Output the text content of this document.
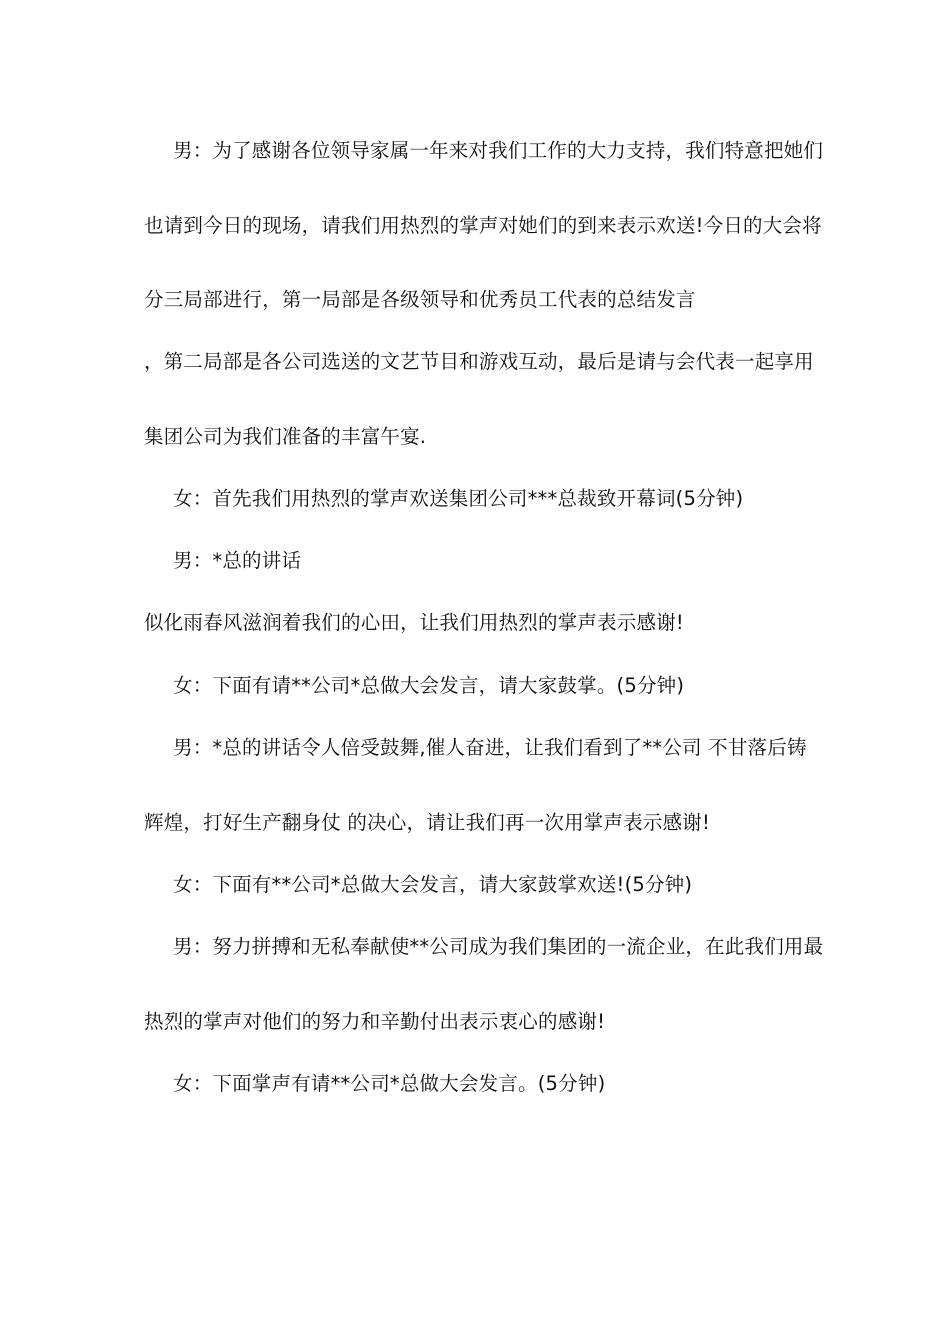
男：为了感谢各位领导家属一年来对我们工作的大力支持，我们特意把她们
也请到今日的现场，请我们用热烈的掌声对她们的到来表示欢送!今日的大会将
分三局部进行，第一局部是各级领导和优秀员工代表的总结发言
，第二局部是各公司选送的文艺节目和游戏互动，最后是请与会代表一起享用
集团公司为我们准备的丰富午宴.
女：首先我们用热烈的掌声欢送集团公司***总裁致开幕词(5分钟)
男：*总的讲话
似化雨春风滋润着我们的心田，让我们用热烈的掌声表示感谢!
女：下面有请**公司*总做大会发言，请大家鼓掌。(5分钟)
男：*总的讲话令人倍受鼓舞,催人奋进，让我们看到了**公司 不甘落后铸
辉煌，打好生产翻身仗 的决心，请让我们再一次用掌声表示感谢!
女：下面有**公司*总做大会发言，请大家鼓掌欢送!(5分钟)
男：努力拼搏和无私奉献使**公司成为我们集团的一流企业，在此我们用最
热烈的掌声对他们的努力和辛勤付出表示衷心的感谢!
女：下面掌声有请**公司*总做大会发言。(5分钟)
